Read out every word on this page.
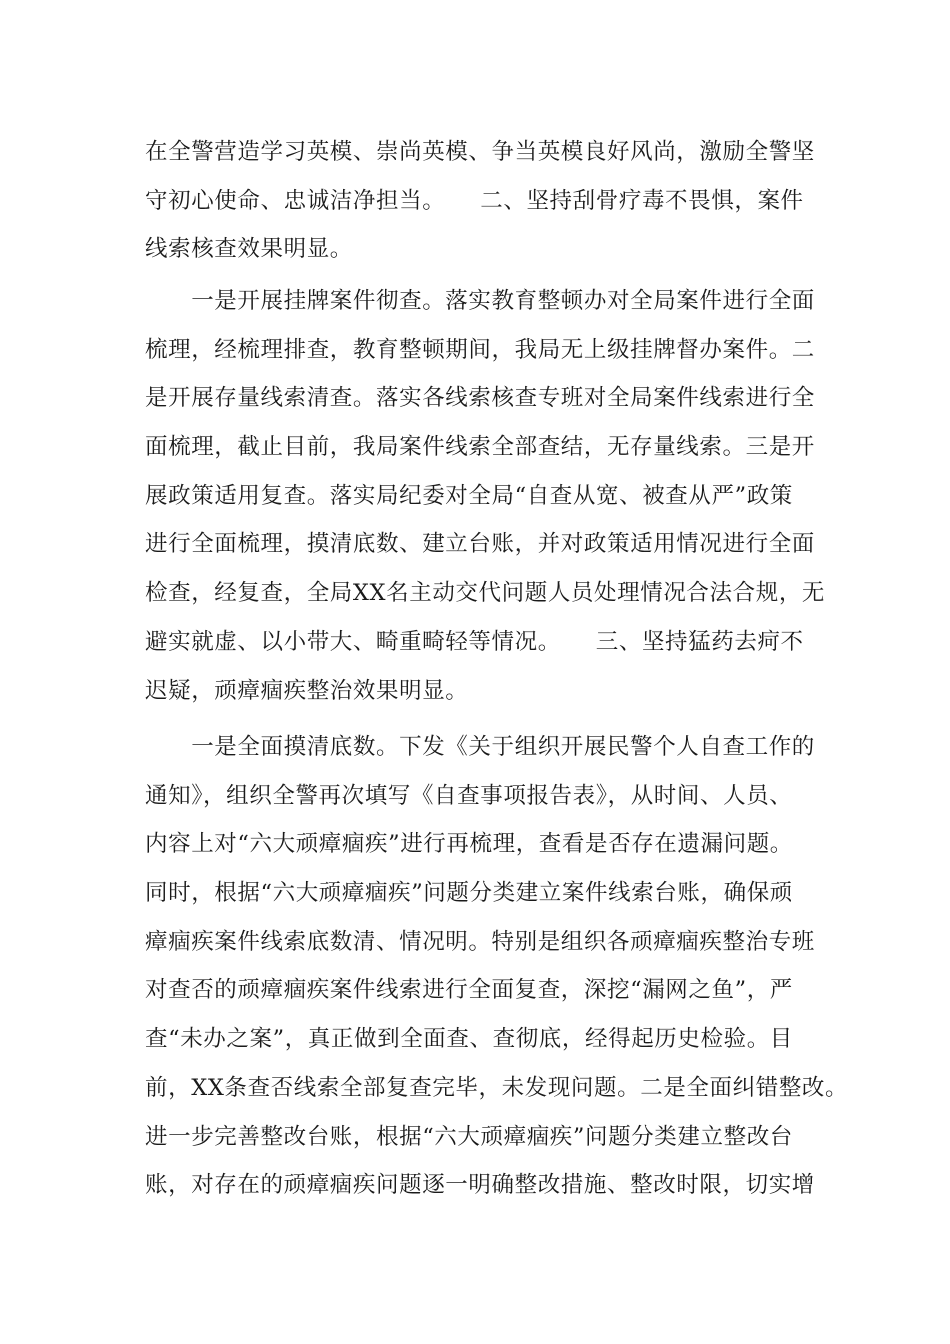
在全警营造学习英模、崇尚英模、争当英模良好风尚，激励全警坚
守初心使命、忠诚洁净担当。　　二、坚持刮骨疗毒不畏惧，案件
线索核查效果明显。
　　一是开展挂牌案件彻查。落实教育整顿办对全局案件进行全面
梳理，经梳理排查，教育整顿期间，我局无上级挂牌督办案件。二
是开展存量线索清查。落实各线索核查专班对全局案件线索进行全
面梳理，截止目前，我局案件线索全部查结，无存量线索。三是开
展政策适用复查。落实局纪委对全局“自查从宽、被查从严”政策
进行全面梳理，摸清底数、建立台账，并对政策适用情况进行全面
检查，经复查，全局XX名主动交代问题人员处理情况合法合规，无
避实就虚、以小带大、畸重畸轻等情况。　　三、坚持猛药去疴不
迟疑，顽瘴痼疾整治效果明显。
　　一是全面摸清底数。下发《关于组织开展民警个人自查工作的
通知》，组织全警再次填写《自查事项报告表》，从时间、人员、
内容上对“六大顽瘴痼疾”进行再梳理，查看是否存在遗漏问题。
同时，根据“六大顽瘴痼疾”问题分类建立案件线索台账，确保顽
瘴痼疾案件线索底数清、情况明。特别是组织各顽瘴痼疾整治专班
对查否的顽瘴痼疾案件线索进行全面复查，深挖“漏网之鱼”，严
查“未办之案”，真正做到全面查、查彻底，经得起历史检验。目
前，XX条查否线索全部复查完毕，未发现问题。二是全面纠错整改。
进一步完善整改台账，根据“六大顽瘴痼疾”问题分类建立整改台
账，对存在的顽瘴痼疾问题逐一明确整改措施、整改时限，切实增
